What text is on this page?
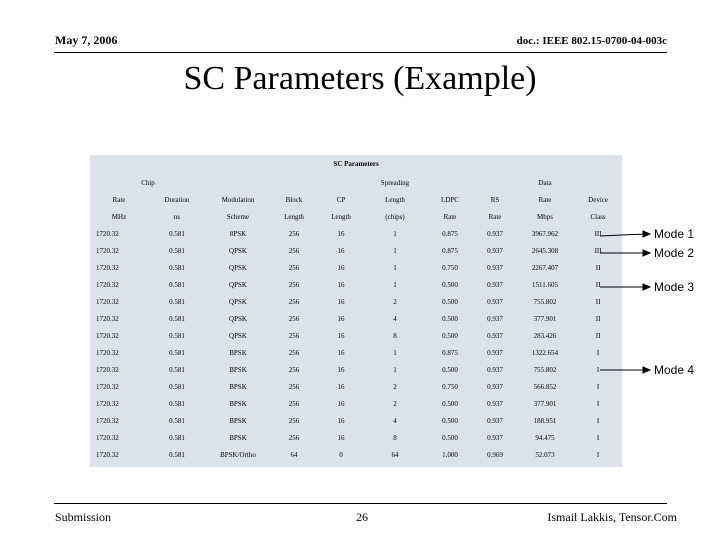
May 7, 2006	doc.: IEEE 802.15-0700-04-003c
SC Parameters (Example)
SC Parameters									
Chip					Spreading			Data	
Rate	Duration	Modulation	Block	CP	Length	LDPC	RS	Rate	Device
MHz	ns	Scheme	Length	Length	(chips)	Rate	Rate	Mbps	Class
1720.32	0.581	8PSK	256	16	1	0.875	0.937	3967.962	III
1720.32	0.581	QPSK	256	16	1	0.875	0.937	2645.308	III
1720.32	0.581	QPSK	256	16	1	0.750	0.937	2267.407	II
1720.32	0.581	QPSK	256	16	1	0.500	0.937	1511.605	II
1720.32	0.581	QPSK	256	16	2	0.500	0.937	755.802	II
1720.32	0.581	QPSK	256	16	4	0.500	0.937	377.901	II
1720.32	0.581	QPSK	256	16	8	0.500	0.937	283.426	II
1720.32	0.581	BPSK	256	16	1	0.875	0.937	1322.654	I
1720.32	0.581	BPSK	256	16	1	0.500	0.937	755.802	I
1720.32	0.581	BPSK	256	16	2	0.750	0.937	566.852	I
1720.32	0.581	BPSK	256	16	2	0.500	0.937	377.901	I
1720.32	0.581	BPSK	256	16	4	0.500	0.937	188.951	I
1720.32	0.581	BPSK	256	16	8	0.500	0.937	94.475	I
1720.32	0.581	BPSK/Ortho	64	0	64	1.000	0.969	52.073	I
Mode 1
Mode 2
Mode 3
Mode 4
Submission	26	Ismail Lakkis, Tensor.Com
